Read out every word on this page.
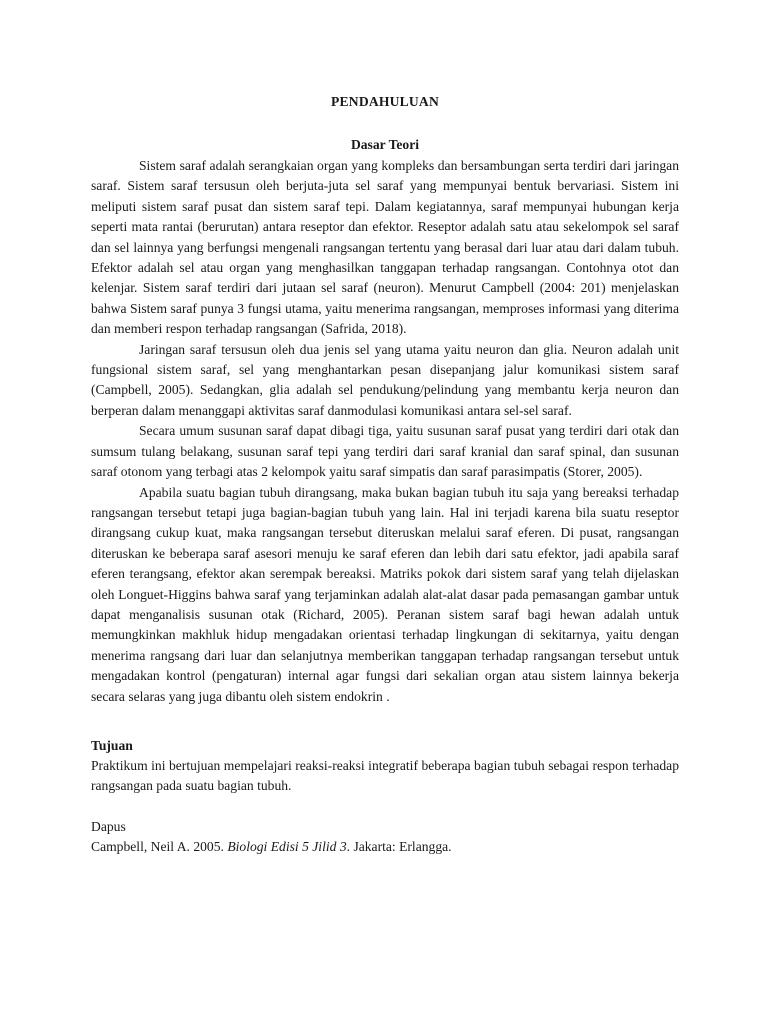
PENDAHULUAN
Dasar Teori

Sistem saraf adalah serangkaian organ yang kompleks dan bersambungan serta terdiri dari jaringan saraf. Sistem saraf tersusun oleh berjuta-juta sel saraf yang mempunyai bentuk bervariasi. Sistem ini meliputi sistem saraf pusat dan sistem saraf tepi. Dalam kegiatannya, saraf mempunyai hubungan kerja seperti mata rantai (berurutan) antara reseptor dan efektor. Reseptor adalah satu atau sekelompok sel saraf dan sel lainnya yang berfungsi mengenali rangsangan tertentu yang berasal dari luar atau dari dalam tubuh. Efektor adalah sel atau organ yang menghasilkan tanggapan terhadap rangsangan. Contohnya otot dan kelenjar. Sistem saraf terdiri dari jutaan sel saraf (neuron). Menurut Campbell (2004: 201) menjelaskan bahwa Sistem saraf punya 3 fungsi utama, yaitu menerima rangsangan, memproses informasi yang diterima dan memberi respon terhadap rangsangan (Safrida, 2018).

Jaringan saraf tersusun oleh dua jenis sel yang utama yaitu neuron dan glia. Neuron adalah unit fungsional sistem saraf, sel yang menghantarkan pesan disepanjang jalur komunikasi sistem saraf (Campbell, 2005). Sedangkan, glia adalah sel pendukung/pelindung yang membantu kerja neuron dan berperan dalam menanggapi aktivitas saraf danmodulasi komunikasi antara sel-sel saraf.

Secara umum susunan saraf dapat dibagi tiga, yaitu susunan saraf pusat yang terdiri dari otak dan sumsum tulang belakang, susunan saraf tepi yang terdiri dari saraf kranial dan saraf spinal, dan susunan saraf otonom yang terbagi atas 2 kelompok yaitu saraf simpatis dan saraf parasimpatis (Storer, 2005).

Apabila suatu bagian tubuh dirangsang, maka bukan bagian tubuh itu saja yang bereaksi terhadap rangsangan tersebut tetapi juga bagian-bagian tubuh yang lain. Hal ini terjadi karena bila suatu reseptor dirangsang cukup kuat, maka rangsangan tersebut diteruskan melalui saraf eferen. Di pusat, rangsangan diteruskan ke beberapa saraf asesori menuju ke saraf eferen dan lebih dari satu efektor, jadi apabila saraf eferen terangsang, efektor akan serempak bereaksi. Matriks pokok dari sistem saraf yang telah dijelaskan oleh Longuet-Higgins bahwa saraf yang terjaminkan adalah alat-alat dasar pada pemasangan gambar untuk dapat menganalisis susunan otak (Richard, 2005). Peranan sistem saraf bagi hewan adalah untuk memungkinkan makhluk hidup mengadakan orientasi terhadap lingkungan di sekitarnya, yaitu dengan menerima rangsang dari luar dan selanjutnya memberikan tanggapan terhadap rangsangan tersebut untuk mengadakan kontrol (pengaturan) internal agar fungsi dari sekalian organ atau sistem lainnya bekerja secara selaras yang juga dibantu oleh sistem endokrin .

Tujuan

Praktikum ini bertujuan mempelajari reaksi-reaksi integratif beberapa bagian tubuh sebagai respon terhadap rangsangan pada suatu bagian tubuh.

Dapus
Campbell, Neil A. 2005. Biologi Edisi 5 Jilid 3. Jakarta: Erlangga.
